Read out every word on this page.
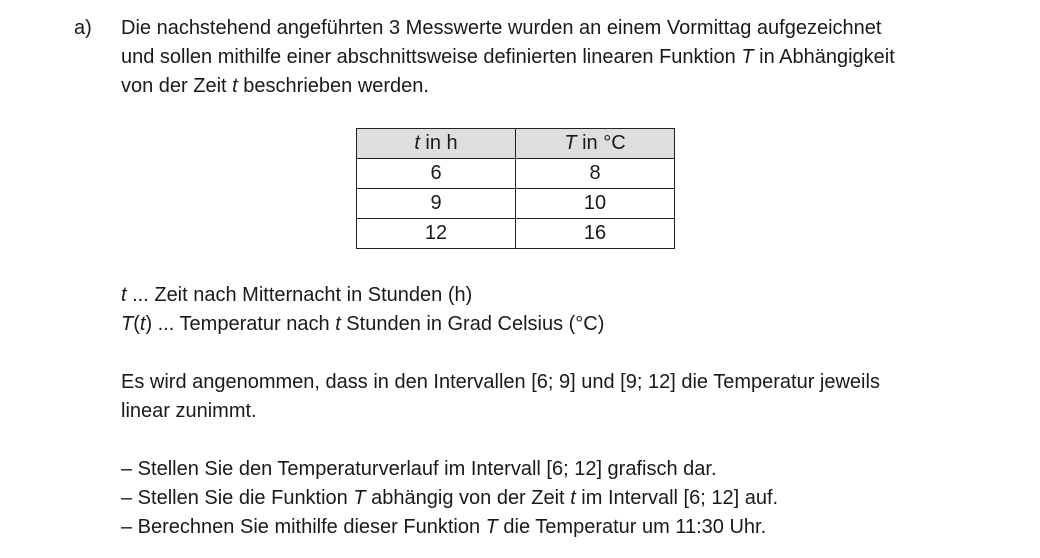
a) Die nachstehend angeführten 3 Messwerte wurden an einem Vormittag aufgezeichnet
und sollen mithilfe einer abschnittsweise definierten linearen Funktion T in Abhängigkeit
von der Zeit t beschrieben werden.
t in h	T in °C
6	8
9	10
12	16
t ... Zeit nach Mitternacht in Stunden (h)
T(t) ... Temperatur nach t Stunden in Grad Celsius (°C)
Es wird angenommen, dass in den Intervallen [6; 9] und [9; 12] die Temperatur jeweils
linear zunimmt.
– Stellen Sie den Temperaturverlauf im Intervall [6; 12] grafisch dar.
– Stellen Sie die Funktion T abhängig von der Zeit t im Intervall [6; 12] auf.
– Berechnen Sie mithilfe dieser Funktion T die Temperatur um 11:30 Uhr.
